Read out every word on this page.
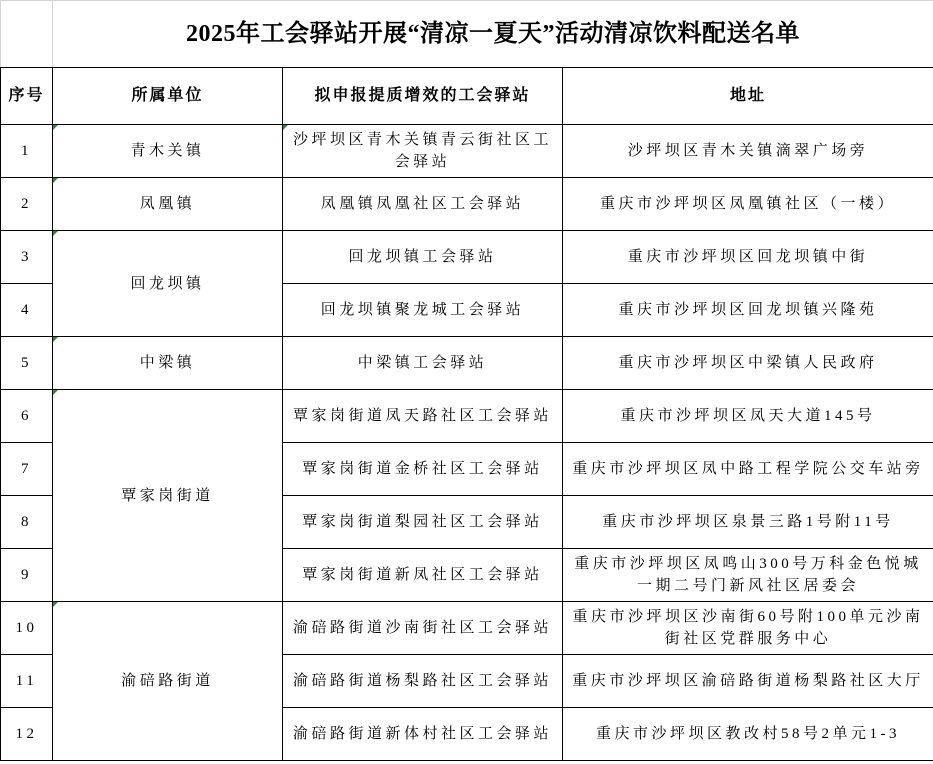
	2025年工会驿站开展“清凉一夏天”活动清凉饮料配送名单		
序号	所属单位	拟申报提质增效的工会驿站	地址
1	青木关镇	沙坪坝区青木关镇青云街社区工会驿站	沙坪坝区青木关镇滴翠广场旁
2	凤凰镇	凤凰镇凤凰社区工会驿站	重庆市沙坪坝区凤凰镇社区（一楼）
3	回龙坝镇	回龙坝镇工会驿站	重庆市沙坪坝区回龙坝镇中街
4		回龙坝镇聚龙城工会驿站	重庆市沙坪坝区回龙坝镇兴隆苑
5	中梁镇	中梁镇工会驿站	重庆市沙坪坝区中梁镇人民政府
6	覃家岗街道	覃家岗街道凤天路社区工会驿站	重庆市沙坪坝区凤天大道145号
7		覃家岗街道金桥社区工会驿站	重庆市沙坪坝区凤中路工程学院公交车站旁
8		覃家岗街道梨园社区工会驿站	重庆市沙坪坝区泉景三路1号附11号
9		覃家岗街道新凤社区工会驿站	重庆市沙坪坝区凤鸣山300号万科金色悦城一期二号门新风社区居委会
10	渝碚路街道	渝碚路街道沙南街社区工会驿站	重庆市沙坪坝区沙南街60号附100单元沙南街社区党群服务中心
11		渝碚路街道杨梨路社区工会驿站	重庆市沙坪坝区渝碚路街道杨梨路社区大厅
12		渝碚路街道新体村社区工会驿站	重庆市沙坪坝区教改村58号2单元1-3
